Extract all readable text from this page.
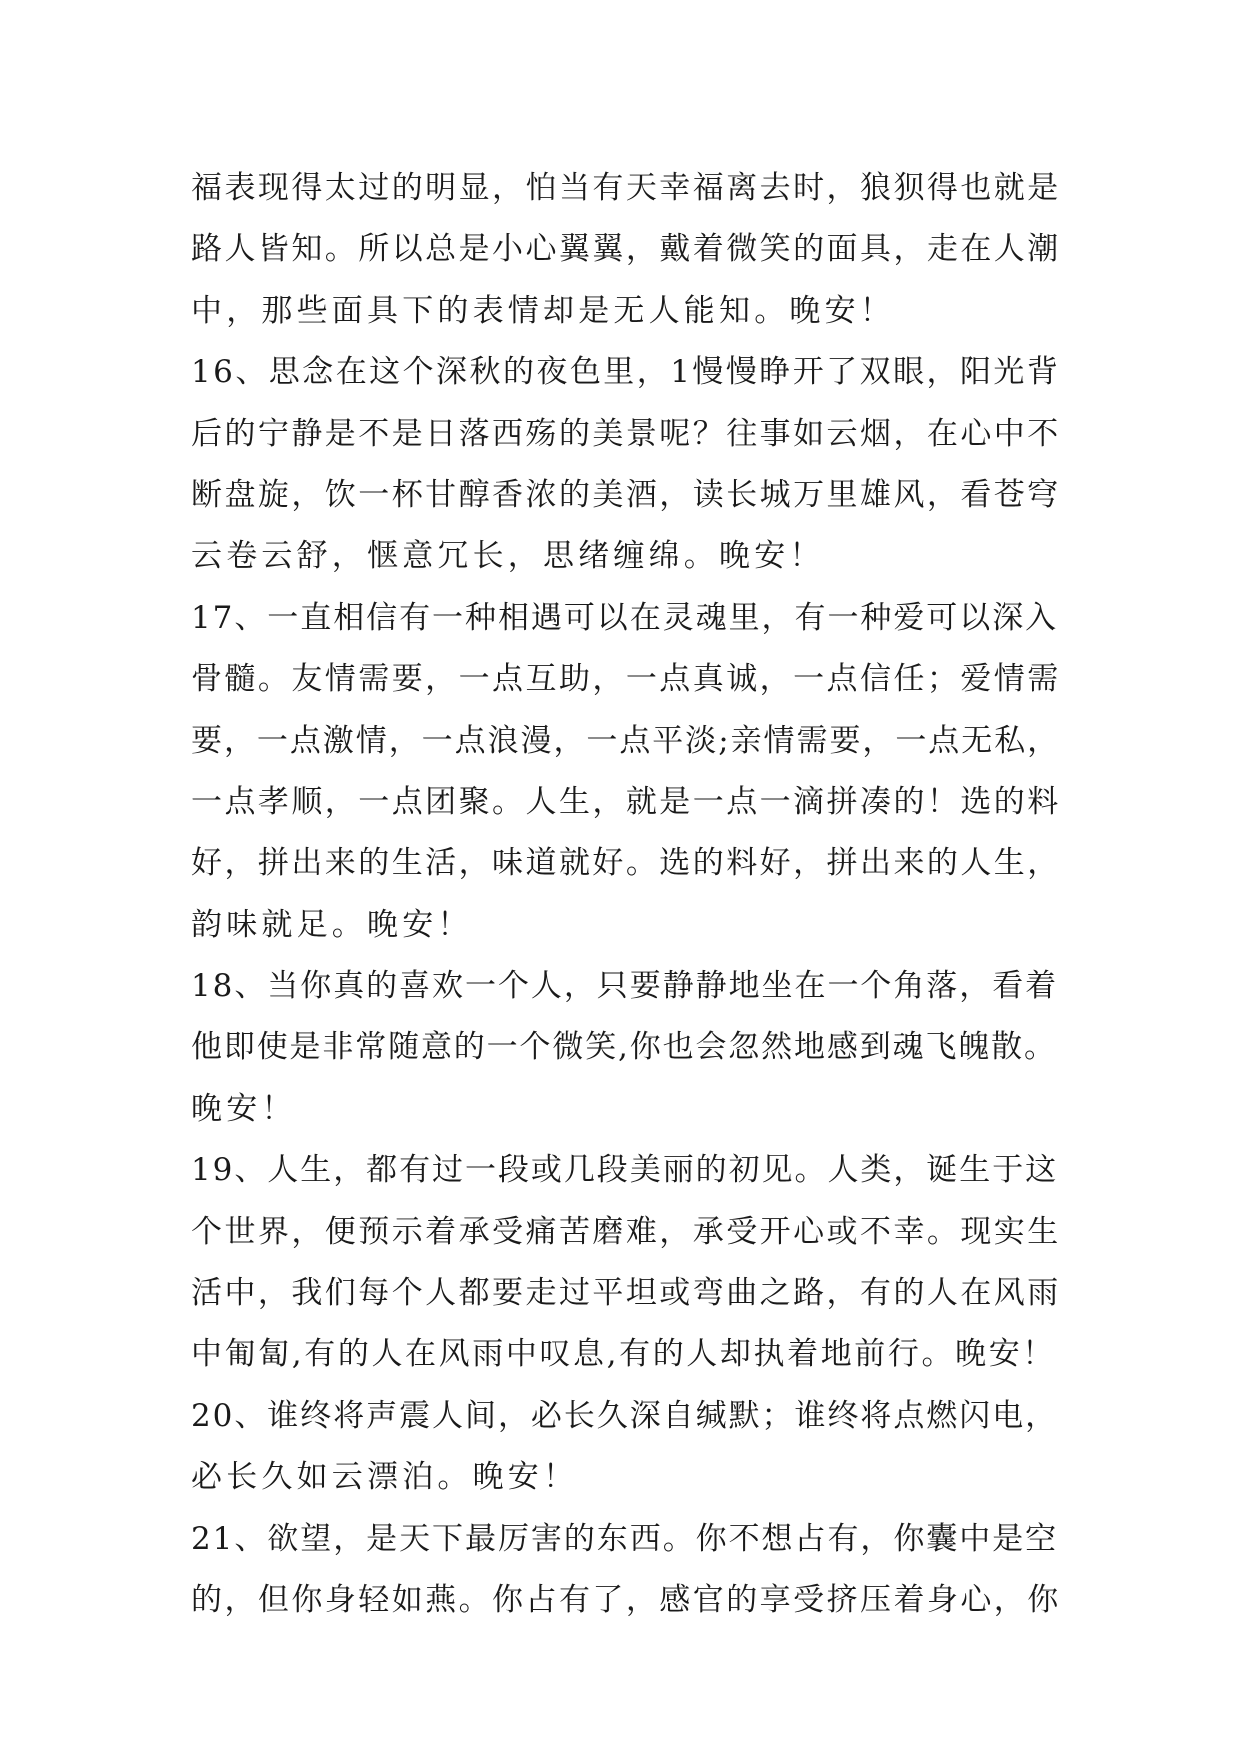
福表现得太过的明显，怕当有天幸福离去时，狼狈得也就是
路人皆知。所以总是小心翼翼，戴着微笑的面具，走在人潮
中，那些面具下的表情却是无人能知。晚安！
16、思念在这个深秋的夜色里，1慢慢睁开了双眼，阳光背
后的宁静是不是日落西殇的美景呢？往事如云烟，在心中不
断盘旋，饮一杯甘醇香浓的美酒，读长城万里雄风，看苍穹
云卷云舒，惬意冗长，思绪缠绵。晚安！
17、一直相信有一种相遇可以在灵魂里，有一种爱可以深入
骨髓。友情需要，一点互助，一点真诚，一点信任；爱情需
要，一点激情，一点浪漫，一点平淡;亲情需要，一点无私，
一点孝顺，一点团聚。人生，就是一点一滴拼凑的！选的料
好，拼出来的生活，味道就好。选的料好，拼出来的人生，
韵味就足。晚安！
18、当你真的喜欢一个人，只要静静地坐在一个角落，看着
他即使是非常随意的一个微笑,你也会忽然地感到魂飞魄散。
晚安！
19、人生，都有过一段或几段美丽的初见。人类，诞生于这
个世界，便预示着承受痛苦磨难，承受开心或不幸。现实生
活中，我们每个人都要走过平坦或弯曲之路，有的人在风雨
中匍匐,有的人在风雨中叹息,有的人却执着地前行。晚安！
20、谁终将声震人间，必长久深自缄默；谁终将点燃闪电，
必长久如云漂泊。晚安！
21、欲望，是天下最厉害的东西。你不想占有，你囊中是空
的，但你身轻如燕。你占有了，感官的享受挤压着身心，你
